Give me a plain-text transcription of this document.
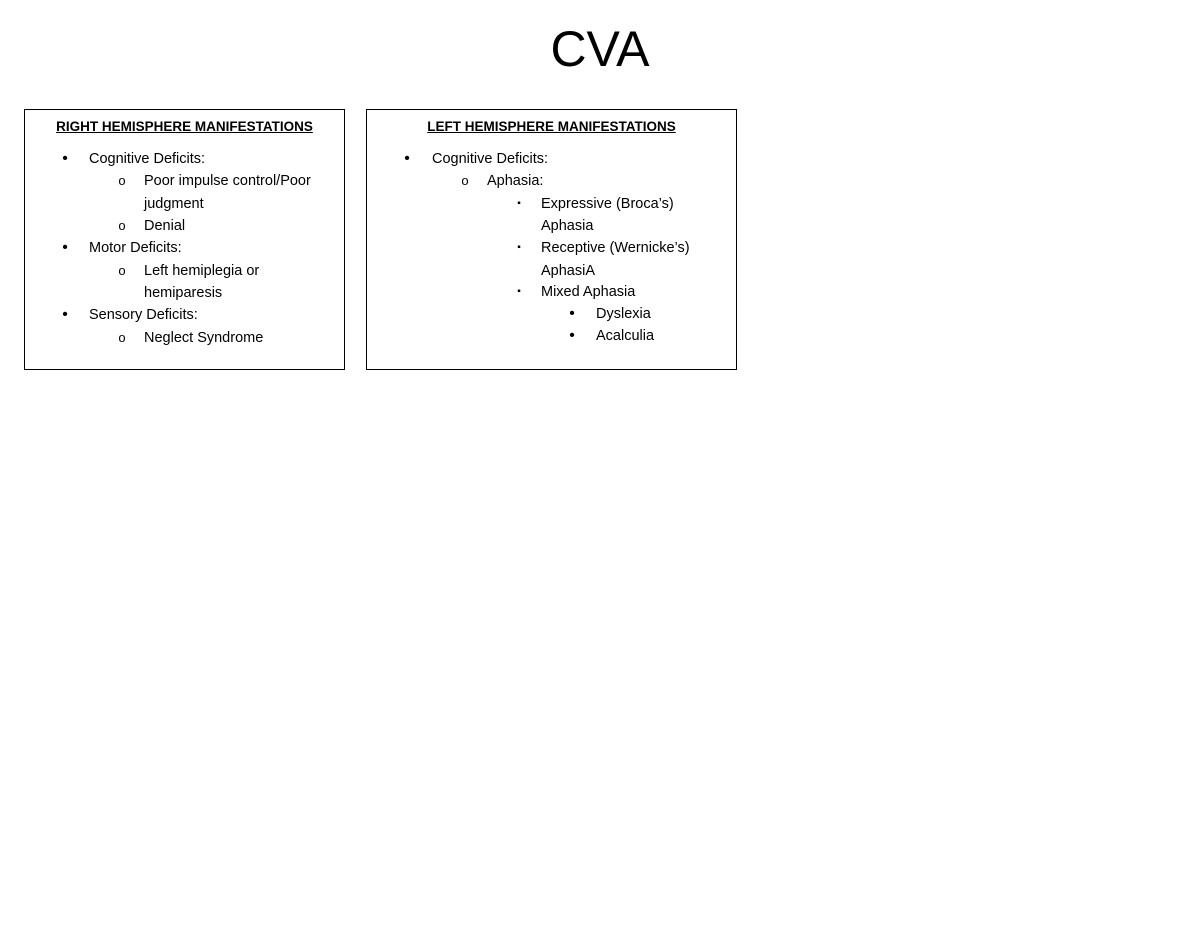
CVA
RIGHT HEMISPHERE MANIFESTATIONS
• Cognitive Deficits:
o Poor impulse control/Poor
judgment
o Denial
• Motor Deficits:
o Left hemiplegia or
hemiparesis
• Sensory Deficits:
o Neglect Syndrome
LEFT HEMISPHERE MANIFESTATIONS
• Cognitive Deficits:
o Aphasia:
▪	Expressive (Broca’s)
Aphasia
▪	Receptive (Wernicke’s)
AphasiA
▪	Mixed Aphasia
• Dyslexia
• Acalculia
